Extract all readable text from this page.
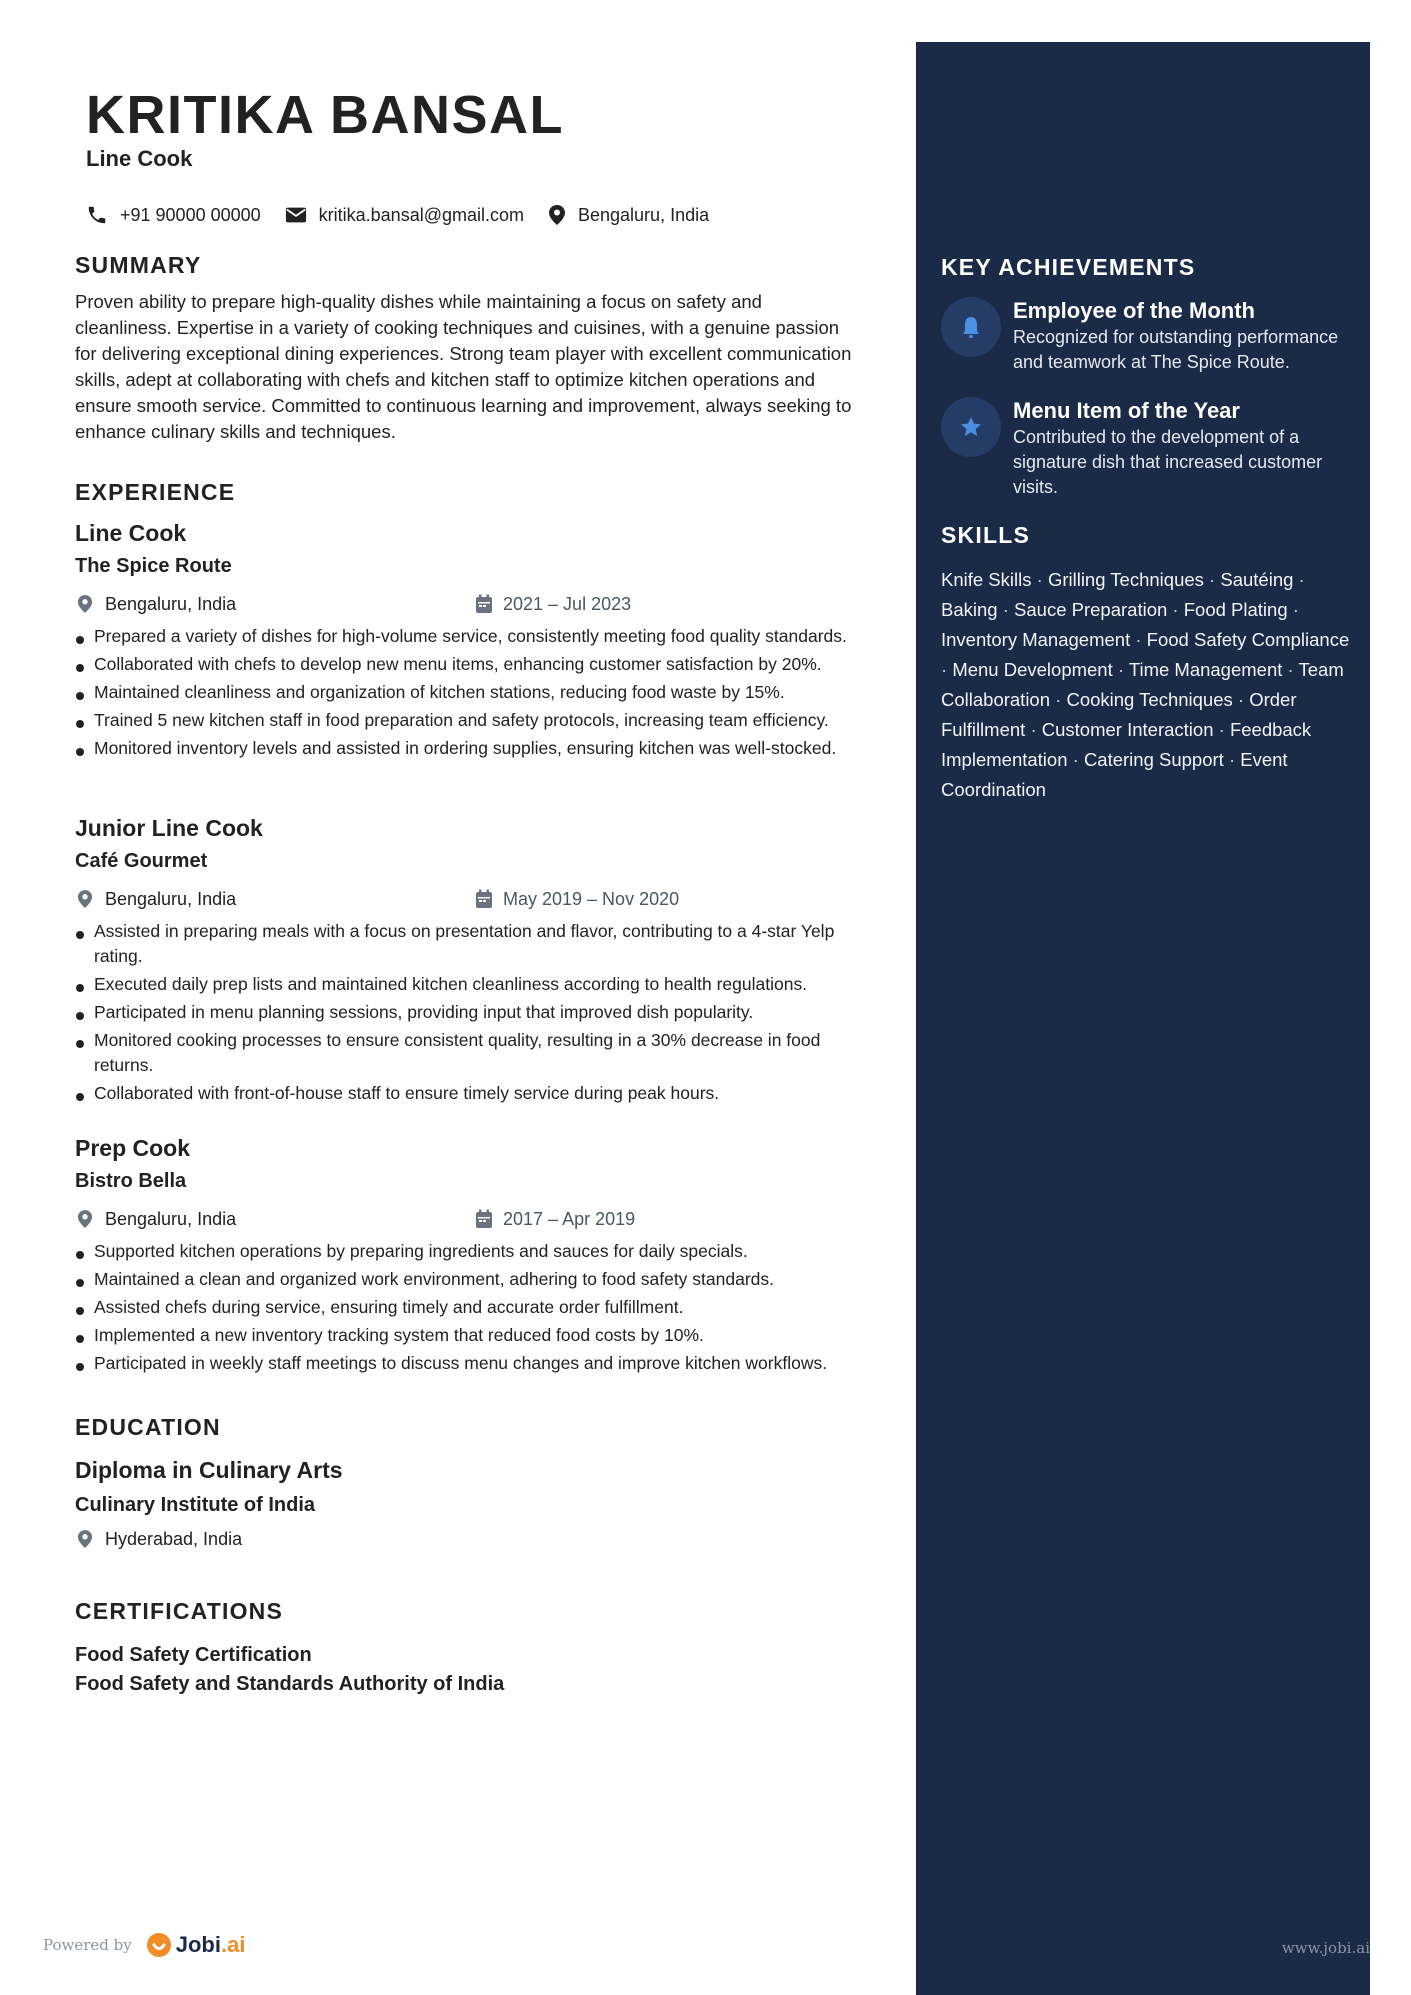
KEY ACHIEVEMENTS
Employee of the Month
Recognized for outstanding performance and teamwork at The Spice Route.
Menu Item of the Year
Contributed to the development of a signature dish that increased customer visits.
SKILLS
Knife Skills · Grilling Techniques · Sautéing · Baking · Sauce Preparation · Food Plating · Inventory Management · Food Safety Compliance · Menu Development · Time Management · Team Collaboration · Cooking Techniques · Order Fulfillment · Customer Interaction · Feedback Implementation · Catering Support · Event Coordination
www.jobi.ai
KRITIKA BANSAL
Line Cook
+91 90000 00000	kritika.bansal@gmail.com	Bengaluru, India
SUMMARY
Proven ability to prepare high-quality dishes while maintaining a focus on safety and cleanliness. Expertise in a variety of cooking techniques and cuisines, with a genuine passion for delivering exceptional dining experiences. Strong team player with excellent communication skills, adept at collaborating with chefs and kitchen staff to optimize kitchen operations and ensure smooth service. Committed to continuous learning and improvement, always seeking to enhance culinary skills and techniques.
EXPERIENCE
Line Cook
The Spice Route
Bengaluru, India	2021 – Jul 2023
Prepared a variety of dishes for high-volume service, consistently meeting food quality standards.
Collaborated with chefs to develop new menu items, enhancing customer satisfaction by 20%.
Maintained cleanliness and organization of kitchen stations, reducing food waste by 15%.
Trained 5 new kitchen staff in food preparation and safety protocols, increasing team efficiency.
Monitored inventory levels and assisted in ordering supplies, ensuring kitchen was well-stocked.
Junior Line Cook
Café Gourmet
Bengaluru, India	May 2019 – Nov 2020
Assisted in preparing meals with a focus on presentation and flavor, contributing to a 4-star Yelp rating.
Executed daily prep lists and maintained kitchen cleanliness according to health regulations.
Participated in menu planning sessions, providing input that improved dish popularity.
Monitored cooking processes to ensure consistent quality, resulting in a 30% decrease in food returns.
Collaborated with front-of-house staff to ensure timely service during peak hours.
Prep Cook
Bistro Bella
Bengaluru, India	2017 – Apr 2019
Supported kitchen operations by preparing ingredients and sauces for daily specials.
Maintained a clean and organized work environment, adhering to food safety standards.
Assisted chefs during service, ensuring timely and accurate order fulfillment.
Implemented a new inventory tracking system that reduced food costs by 10%.
Participated in weekly staff meetings to discuss menu changes and improve kitchen workflows.
EDUCATION
Diploma in Culinary Arts
Culinary Institute of India
Hyderabad, India
CERTIFICATIONS
Food Safety Certification
Food Safety and Standards Authority of India
Powered by Jobi .ai
